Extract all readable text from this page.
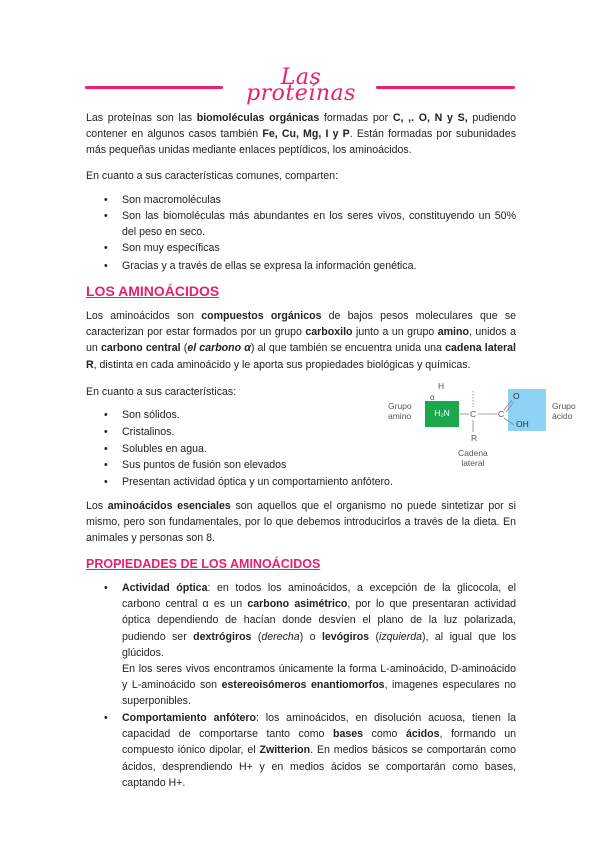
Las proteínas

Las proteínas son las biomoléculas orgánicas formadas por C, ,. O, N y S, pudiendo contener en algunos casos también Fe, Cu, Mg, I y P. Están formadas por subunidades más pequeñas unidas mediante enlaces peptídicos, los aminoácidos.

En cuanto a sus características comunes, comparten:

•	Son macromoléculas
•	Son las biomoléculas más abundantes en los seres vivos, constituyendo un 50% del peso en seco.
•	Son muy específicas
•	Gracias y a través de ellas se expresa la información genética.
LOS AMINOÁCIDOS

Los aminoácidos son compuestos orgánicos de bajos pesos moleculares que se caracterizan por estar formados por un grupo carboxilo junto a un grupo amino, unidos a un carbono central (el carbono α) al que también se encuentra unida una cadena lateral R, distinta en cada aminoácido y le aporta sus propiedades biológicas y químicas.

En cuanto a sus características:

•	Son sólidos.
•	Cristalinos.
•	Solubles en agua.
•	Sus puntos de fusión son elevados
•	Presentan actividad óptica y un comportamiento anfótero.
Grupo
amino	H₂N
H
α
C	C
O
OH
R
Cadena
lateral
Grupo
ácido

Los aminoácidos esenciales son aquellos que el organismo no puede sintetizar por si mismo, pero son fundamentales, por lo que debemos introducirlos a través de la dieta. En animales y personas son 8.

PROPIEDADES DE LOS AMINOÁCIDOS
•	Actividad óptica: en todos los aminoácidos, a excepción de la glicocola, el carbono central α es un carbono asimétrico, por lo que presentaran actividad óptica dependiendo de hacían donde desvíen el plano de la luz polarizada, pudiendo ser dextrógiros (derecha) o levógiros (izquierda), al igual que los glúcidos.
En los seres vivos encontramos únicamente la forma L-aminoácido, D-aminoácido y L-aminoácido son estereoisómeros enantiomorfos, imagenes especulares no superponibles.
•	Comportamiento anfótero: los aminoácidos, en disolución acuosa, tienen la capacidad de comportarse tanto como bases como ácidos, formando un compuesto iónico dipolar, el Zwitterion. En medios básicos se comportarán como ácidos, desprendiendo H+ y en medios ácidos se comportarán como bases, captando H+.
